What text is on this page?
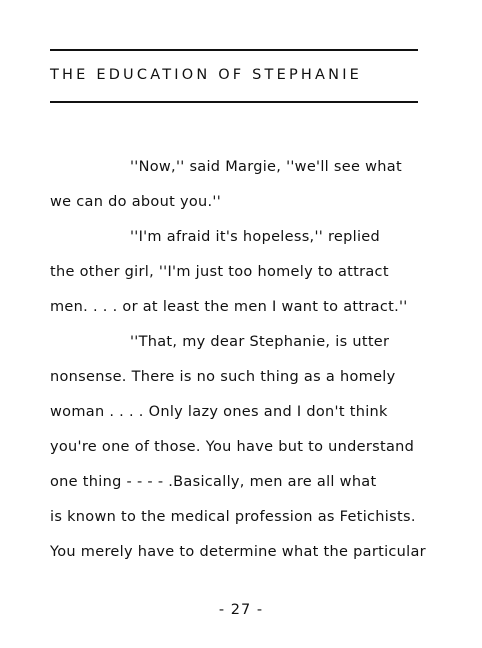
THE EDUCATION OF STEPHANIE
''Now,'' said Margie, ''we'll see what
we can do about you.''
''I'm afraid it's hopeless,'' replied
the other girl, ''I'm just too homely to attract
men. . . . or at least the men I want to attract.''
''That, my dear Stephanie, is utter
nonsense. There is no such thing as a homely
woman . . . . Only lazy ones and I don't think
you're one of those. You have but to understand
one thing - - - - .Basically, men are all what
is known to the medical profession as Fetichists.
You merely have to determine what the particular
- 27 -
